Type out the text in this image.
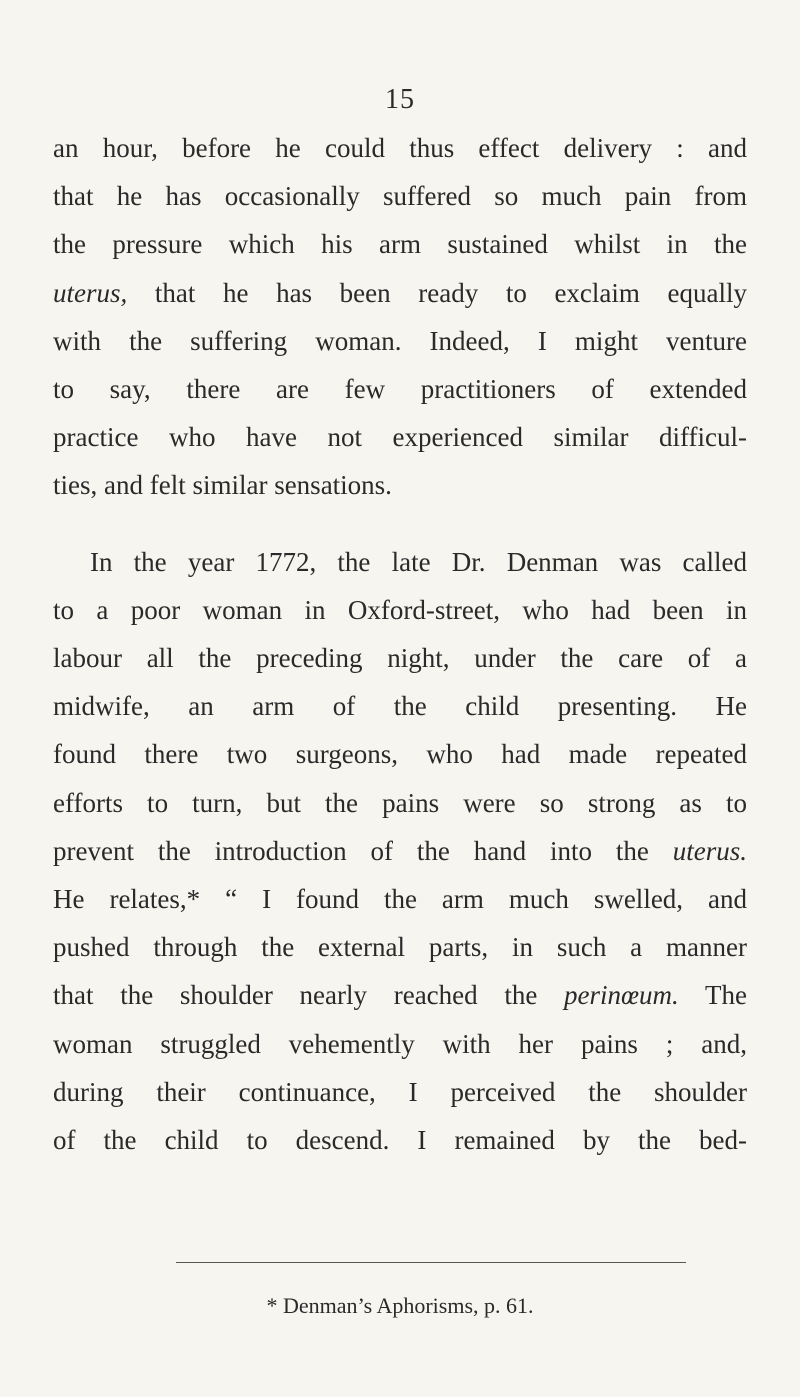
15
an hour, before he could thus effect delivery : and
that he has occasionally suffered so much pain from
the pressure which his arm sustained whilst in the
uterus, that he has been ready to exclaim equally
with the suffering woman. Indeed, I might venture
to say, there are few practitioners of extended
practice who have not experienced similar difficul-
ties, and felt similar sensations.
In the year 1772, the late Dr. Denman was called
to a poor woman in Oxford-street, who had been in
labour all the preceding night, under the care of a
midwife, an arm of the child presenting. He
found there two surgeons, who had made repeated
efforts to turn, but the pains were so strong as to
prevent the introduction of the hand into the uterus.
He relates,* “ I found the arm much swelled, and
pushed through the external parts, in such a manner
that the shoulder nearly reached the perinœum. The
woman struggled vehemently with her pains ; and,
during their continuance, I perceived the shoulder
of the child to descend. I remained by the bed-
* Denman’s Aphorisms, p. 61.
